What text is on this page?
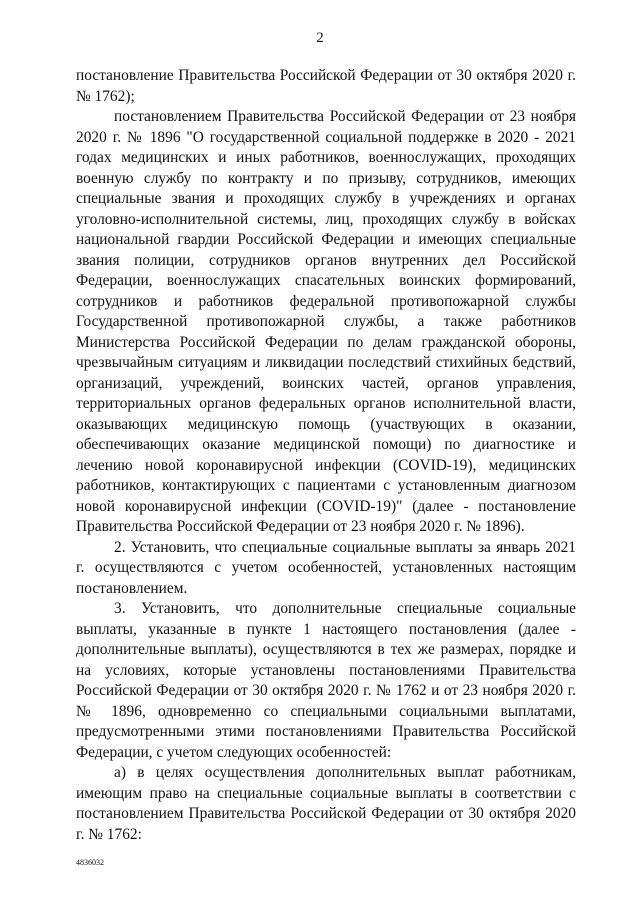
2

постановление Правительства Российской Федерации от 30 октября 2020 г. № 1762);

постановлением Правительства Российской Федерации от 23 ноября 2020 г. № 1896 "О государственной социальной поддержке в 2020 - 2021 годах медицинских и иных работников, военнослужащих, проходящих военную службу по контракту и по призыву, сотрудников, имеющих специальные звания и проходящих службу в учреждениях и органах уголовно-исполнительной системы, лиц, проходящих службу в войсках национальной гвардии Российской Федерации и имеющих специальные звания полиции, сотрудников органов внутренних дел Российской Федерации, военнослужащих спасательных воинских формирований, сотрудников и работников федеральной противопожарной службы Государственной противопожарной службы, а также работников Министерства Российской Федерации по делам гражданской обороны, чрезвычайным ситуациям и ликвидации последствий стихийных бедствий, организаций, учреждений, воинских частей, органов управления, территориальных органов федеральных органов исполнительной власти, оказывающих медицинскую помощь (участвующих в оказании, обеспечивающих оказание медицинской помощи) по диагностике и лечению новой коронавирусной инфекции (COVID-19), медицинских работников, контактирующих с пациентами с установленным диагнозом новой коронавирусной инфекции (COVID-19)" (далее - постановление Правительства Российской Федерации от 23 ноября 2020 г. № 1896).

2. Установить, что специальные социальные выплаты за январь 2021 г. осуществляются с учетом особенностей, установленных настоящим постановлением.

3. Установить, что дополнительные специальные социальные выплаты, указанные в пункте 1 настоящего постановления (далее - дополнительные выплаты), осуществляются в тех же размерах, порядке и на условиях, которые установлены постановлениями Правительства Российской Федерации от 30 октября 2020 г. № 1762 и от 23 ноября 2020 г. № 1896, одновременно со специальными социальными выплатами, предусмотренными этими постановлениями Правительства Российской Федерации, с учетом следующих особенностей:

а) в целях осуществления дополнительных выплат работникам, имеющим право на специальные социальные выплаты в соответствии с постановлением Правительства Российской Федерации от 30 октября 2020 г. № 1762:

4836032
